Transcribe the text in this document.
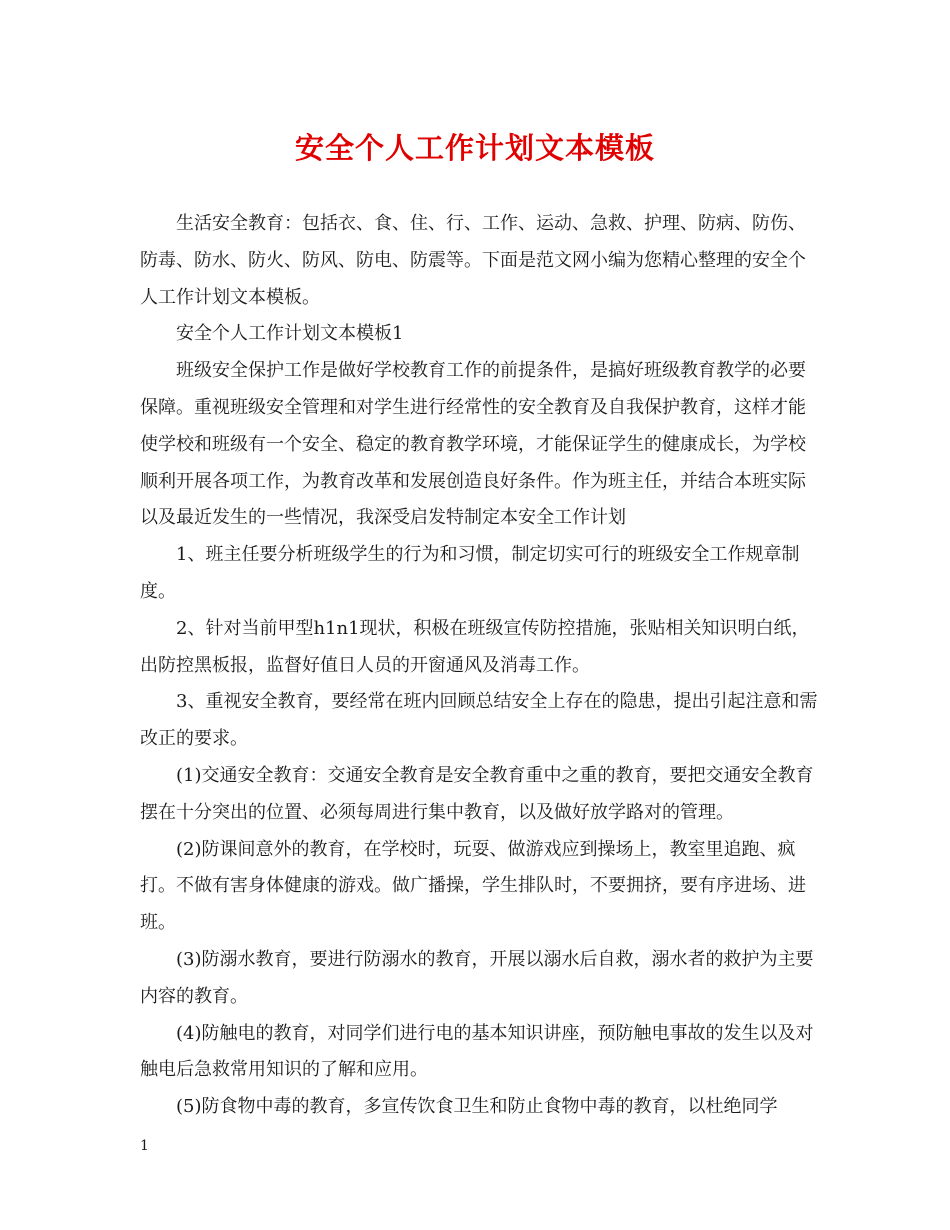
安全个人工作计划文本模板

生活安全教育：包括衣、食、住、行、工作、运动、急救、护理、防病、防伤、防毒、防水、防火、防风、防电、防震等。下面是范文网小编为您精心整理的安全个人工作计划文本模板。

安全个人工作计划文本模板1

班级安全保护工作是做好学校教育工作的前提条件，是搞好班级教育教学的必要保障。重视班级安全管理和对学生进行经常性的安全教育及自我保护教育，这样才能使学校和班级有一个安全、稳定的教育教学环境，才能保证学生的健康成长，为学校顺利开展各项工作，为教育改革和发展创造良好条件。作为班主任，并结合本班实际以及最近发生的一些情况，我深受启发特制定本安全工作计划

1、班主任要分析班级学生的行为和习惯，制定切实可行的班级安全工作规章制度。

2、针对当前甲型h1n1现状，积极在班级宣传防控措施，张贴相关知识明白纸，出防控黑板报，监督好值日人员的开窗通风及消毒工作。

3、重视安全教育，要经常在班内回顾总结安全上存在的隐患，提出引起注意和需改正的要求。

(1)交通安全教育：交通安全教育是安全教育重中之重的教育，要把交通安全教育摆在十分突出的位置、必须每周进行集中教育，以及做好放学路对的管理。

(2)防课间意外的教育，在学校时，玩耍、做游戏应到操场上，教室里追跑、疯打。不做有害身体健康的游戏。做广播操，学生排队时，不要拥挤，要有序进场、进班。

(3)防溺水教育，要进行防溺水的教育，开展以溺水后自救，溺水者的救护为主要内容的教育。

(4)防触电的教育，对同学们进行电的基本知识讲座，预防触电事故的发生以及对触电后急救常用知识的了解和应用。

(5)防食物中毒的教育，多宣传饮食卫生和防止食物中毒的教育，以杜绝同学

1
